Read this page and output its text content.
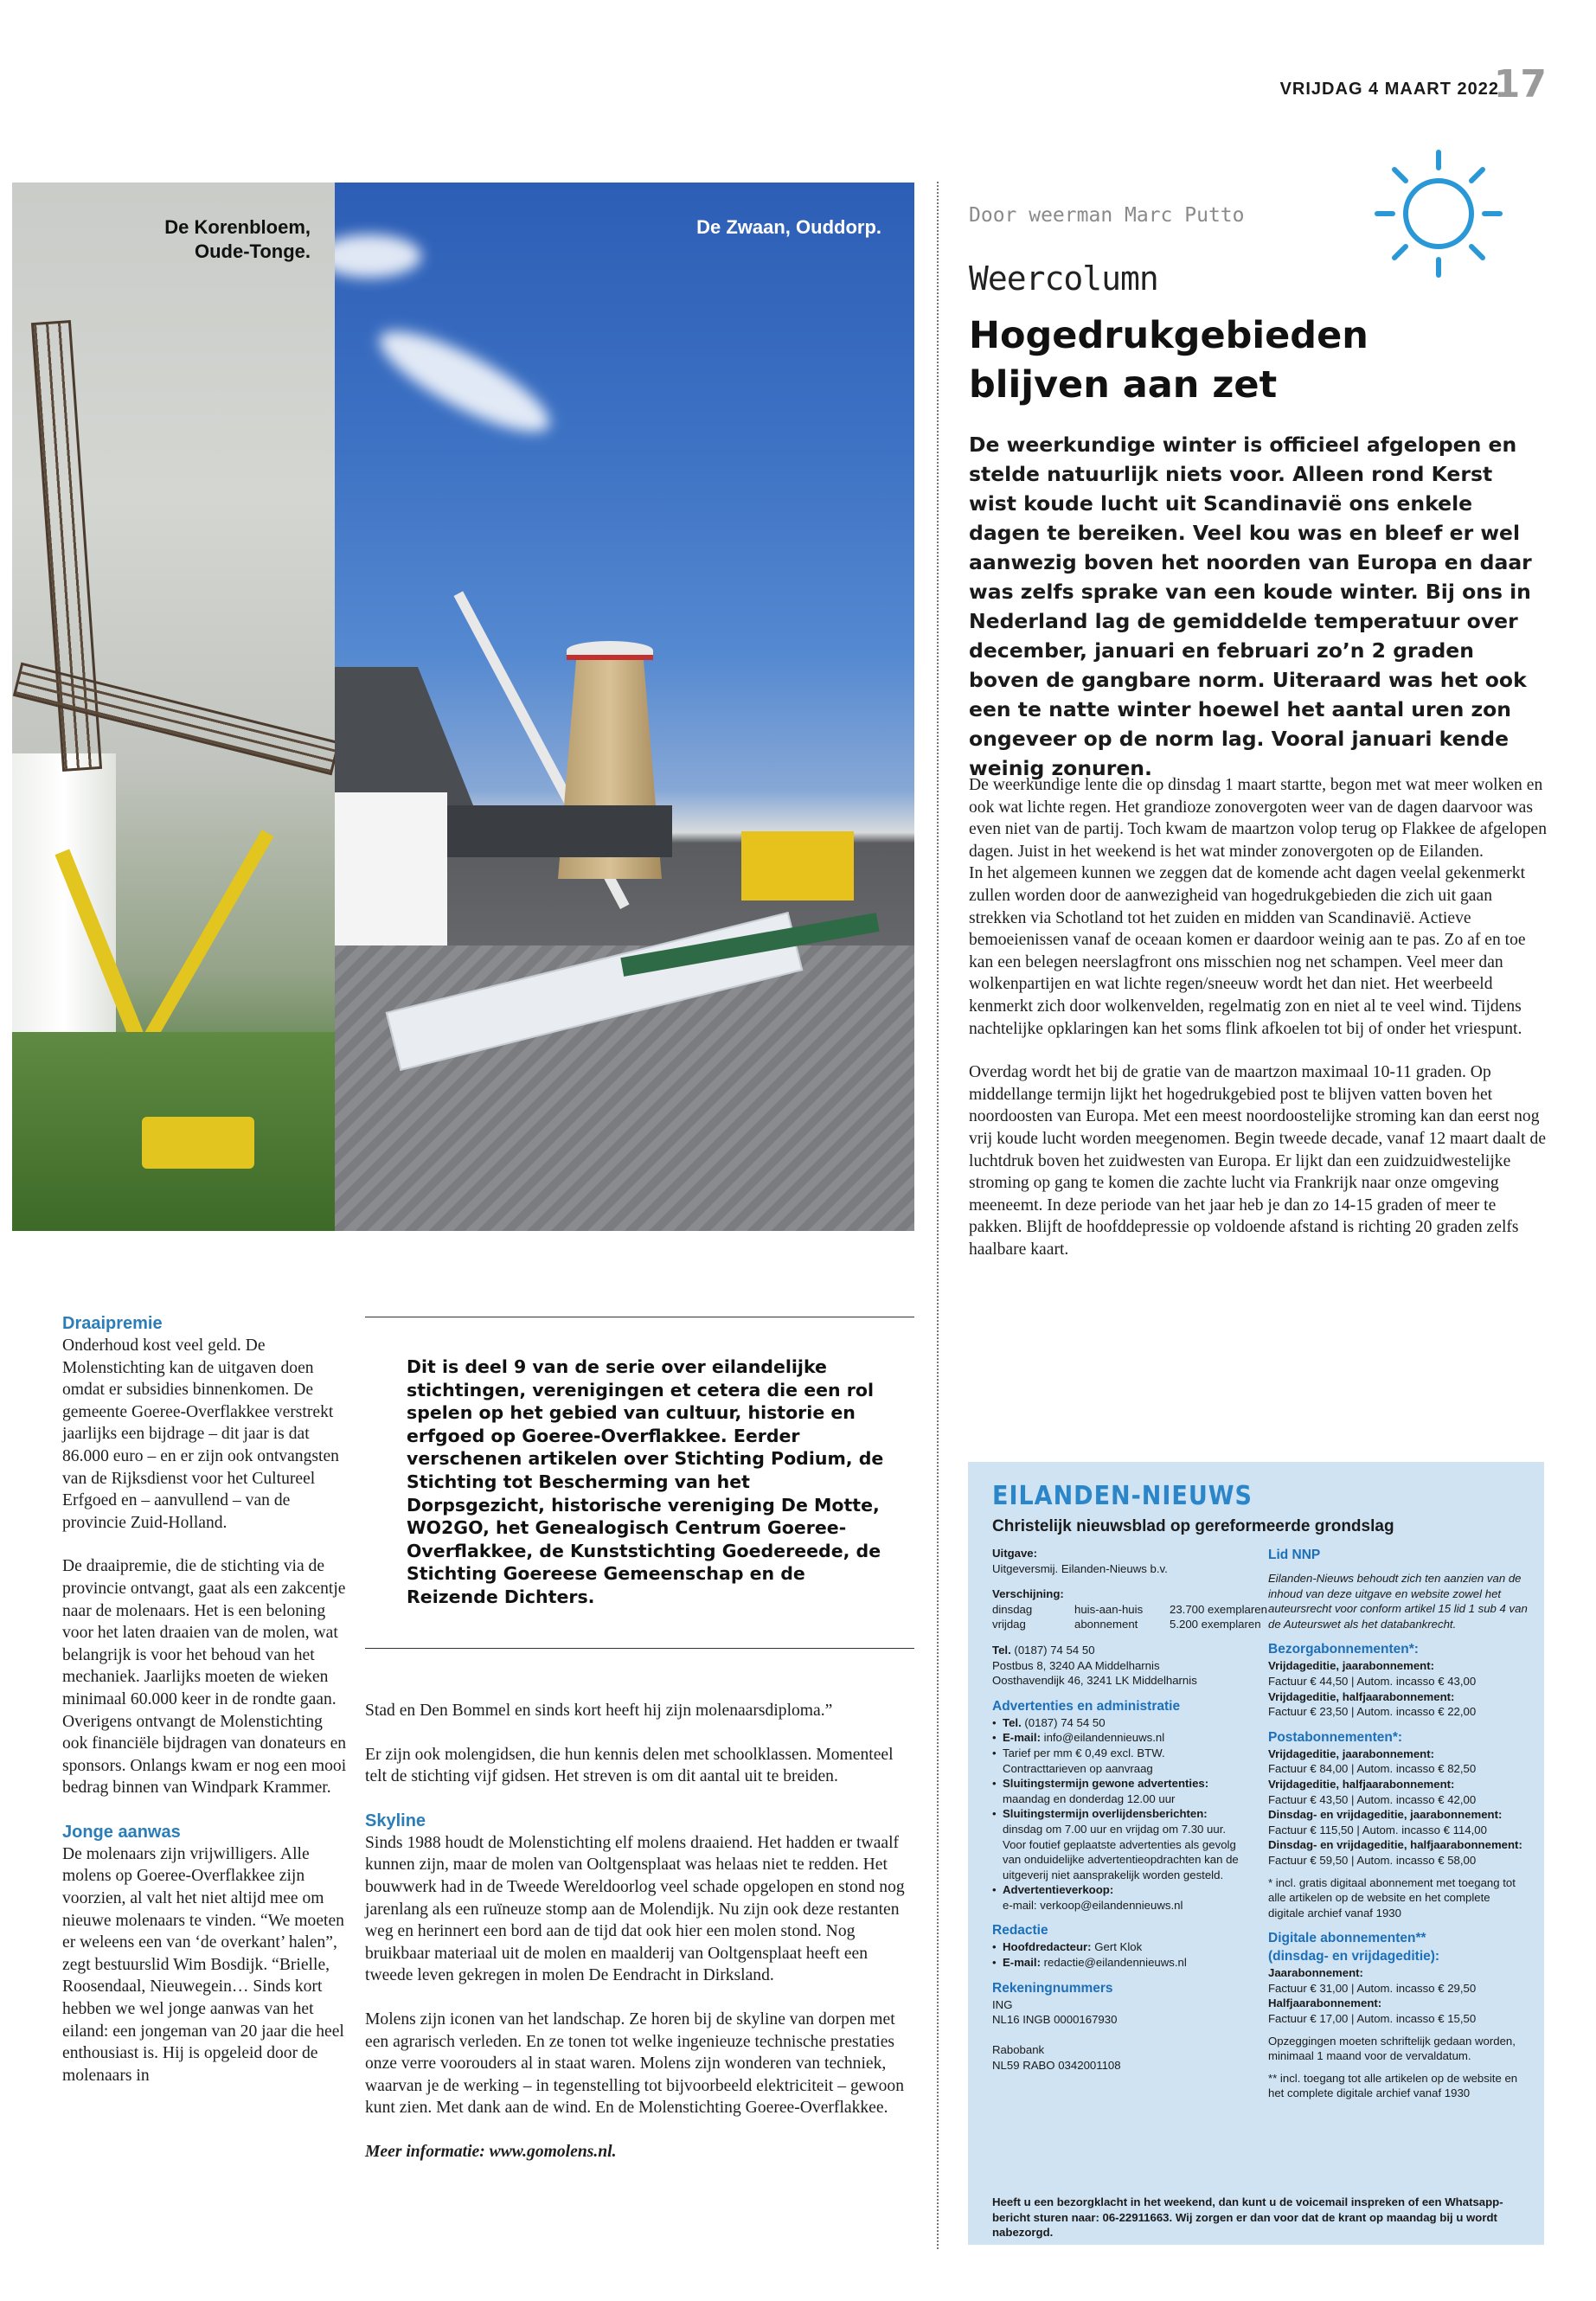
VRIJDAG 4 MAART 2022
17
De Korenbloem,
Oude-Tonge.
De Zwaan, Ouddorp.
Door weerman Marc Putto
Weercolumn
Hogedrukgebieden
blijven aan zet
De weerkundige winter is officieel afgelopen en stelde natuurlijk niets voor. Alleen rond Kerst wist koude lucht uit Scandinavië ons enkele dagen te bereiken. Veel kou was en bleef er wel aanwezig boven het noorden van Europa en daar was zelfs sprake van een koude winter. Bij ons in Nederland lag de gemiddelde temperatuur over december, januari en februari zo’n 2 graden boven de gangbare norm. Uiteraard was het ook een te natte winter hoewel het aantal uren zon ongeveer op de norm lag. Vooral januari kende weinig zonuren.

De weerkundige lente die op dinsdag 1 maart startte, begon met wat meer wolken en ook wat lichte regen. Het grandioze zonovergoten weer van de dagen daarvoor was even niet van de partij. Toch kwam de maartzon volop terug op Flakkee de afgelopen dagen. Juist in het weekend is het wat minder zonovergoten op de Eilanden.

In het algemeen kunnen we zeggen dat de komende acht dagen veelal gekenmerkt zullen worden door de aanwezigheid van hogedrukgebieden die zich uit gaan strekken via Schotland tot het zuiden en midden van Scandinavië. Actieve bemoeienissen vanaf de oceaan komen er daardoor weinig aan te pas. Zo af en toe kan een belegen neerslagfront ons misschien nog net schampen. Veel meer dan wolkenpartijen en wat lichte regen/sneeuw wordt het dan niet. Het weerbeeld kenmerkt zich door wolkenvelden, regelmatig zon en niet al te veel wind. Tijdens nachtelijke opklaringen kan het soms flink afkoelen tot bij of onder het vriespunt.

Overdag wordt het bij de gratie van de maartzon maximaal 10-11 graden. Op middellange termijn lijkt het hogedrukgebied post te blijven vatten boven het noordoosten van Europa. Met een meest noordoostelijke stroming kan dan eerst nog vrij koude lucht worden meegenomen. Begin tweede decade, vanaf 12 maart daalt de luchtdruk boven het zuidwesten van Europa. Er lijkt dan een zuidzuidwestelijke stroming op gang te komen die zachte lucht via Frankrijk naar onze omgeving meeneemt. In deze periode van het jaar heb je dan zo 14-15 graden of meer te pakken. Blijft de hoofddepressie op voldoende afstand is richting 20 graden zelfs haalbare kaart.

Draaipremie

Onderhoud kost veel geld. De Molenstichting kan de uitgaven doen omdat er subsidies binnenkomen. De gemeente Goeree-Overflakkee verstrekt jaarlijks een bijdrage – dit jaar is dat 86.000 euro – en er zijn ook ontvangsten van de Rijksdienst voor het Cultureel Erfgoed en – aanvullend – van de provincie Zuid-Holland.

De draaipremie, die de stichting via de provincie ontvangt, gaat als een zakcentje naar de molenaars. Het is een beloning voor het laten draaien van de molen, wat belangrijk is voor het behoud van het mechaniek. Jaarlijks moeten de wieken minimaal 60.000 keer in de rondte gaan. Overigens ontvangt de Molenstichting ook financiële bijdragen van donateurs en sponsors. Onlangs kwam er nog een mooi bedrag binnen van Windpark Krammer.

Jonge aanwas

De molenaars zijn vrijwilligers. Alle molens op Goeree-Overflakkee zijn voorzien, al valt het niet altijd mee om nieuwe molenaars te vinden. “We moeten er weleens een van ‘de overkant’ halen”, zegt bestuurslid Wim Bosdijk. “Brielle, Roosendaal, Nieuwegein… Sinds kort hebben we wel jonge aanwas van het eiland: een jongeman van 20 jaar die heel enthousiast is. Hij is opgeleid door de molenaars in

Dit is deel 9 van de serie over eilandelijke stichtingen, verenigingen et cetera die een rol spelen op het gebied van cultuur, historie en erfgoed op Goeree-Overflakkee. Eerder verschenen artikelen over Stichting Podium, de Stichting tot Bescherming van het Dorpsgezicht, historische vereniging De Motte, WO2GO, het Genealogisch Centrum Goeree-Overflakkee, de Kunststichting Goedereede, de Stichting Goereese Gemeenschap en de Reizende Dichters.

Stad en Den Bommel en sinds kort heeft hij zijn molenaarsdiploma.”

Er zijn ook molengidsen, die hun kennis delen met schoolklassen. Momenteel telt de stichting vijf gidsen. Het streven is om dit aantal uit te breiden.

Skyline

Sinds 1988 houdt de Molenstichting elf molens draaiend. Het hadden er twaalf kunnen zijn, maar de molen van Ooltgensplaat was helaas niet te redden. Het bouwwerk had in de Tweede Wereldoorlog veel schade opgelopen en stond nog jarenlang als een ruïneuze stomp aan de Molendijk. Nu zijn ook deze restanten weg en herinnert een bord aan de tijd dat ook hier een molen stond. Nog bruikbaar materiaal uit de molen en maalderij van Ooltgensplaat heeft een tweede leven gekregen in molen De Eendracht in Dirksland.

Molens zijn iconen van het landschap. Ze horen bij de skyline van dorpen met een agrarisch verleden. En ze tonen tot welke ingenieuze technische prestaties onze verre voorouders al in staat waren. Molens zijn wonderen van techniek, waarvan je de werking – in tegenstelling tot bijvoorbeeld elektriciteit – gewoon kunt zien. Met dank aan de wind. En de Molenstichting Goeree-Overflakkee.

Meer informatie: www.gomolens.nl.

EILANDEN-NIEUWS
Christelijk nieuwsblad op gereformeerde grondslag
Uitgave:
Uitgeversmij. Eilanden-Nieuws b.v.
Verschijning:
dinsdag	huis-aan-huis	23.700 exemplaren
vrijdag	abonnement	5.200 exemplaren
Tel. (0187) 74 54 50
Postbus 8, 3240 AA Middelharnis
Oosthavendijk 46, 3241 LK Middelharnis
Advertenties en administratie
• Tel. (0187) 74 54 50
• E-mail: info@eilandennieuws.nl
• Tarief per mm € 0,49 excl. BTW.
Contracttarieven op aanvraag
• Sluitingstermijn gewone advertenties:
maandag en donderdag 12.00 uur
• Sluitingstermijn overlijdensberichten:
dinsdag om 7.00 uur en vrijdag om 7.30 uur.
Voor foutief geplaatste advertenties als gevolg
van onduidelijke advertentieopdrachten kan de
uitgeverij niet aansprakelijk worden gesteld.
• Advertentieverkoop:
e-mail: verkoop@eilandennieuws.nl
Redactie
• Hoofdredacteur: Gert Klok
• E-mail: redactie@eilandennieuws.nl
Rekeningnummers
ING
NL16 INGB 0000167930
Rabobank
NL59 RABO 0342001108
Lid NNP
Eilanden-Nieuws behoudt zich ten aanzien van de inhoud van deze uitgave en website zowel het auteursrecht voor conform artikel 15 lid 1 sub 4 van de Auteurswet als het databankrecht.
Bezorgabonnementen*:
Vrijdageditie, jaarabonnement:
Factuur € 44,50 | Autom. incasso € 43,00
Vrijdageditie, halfjaarabonnement:
Factuur € 23,50 | Autom. incasso € 22,00
Postabonnementen*:
Vrijdageditie, jaarabonnement:
Factuur € 84,00 | Autom. incasso € 82,50
Vrijdageditie, halfjaarabonnement:
Factuur € 43,50 | Autom. incasso € 42,00
Dinsdag- en vrijdageditie, jaarabonnement:
Factuur € 115,50 | Autom. incasso € 114,00
Dinsdag- en vrijdageditie, halfjaarabonnement:
Factuur € 59,50 | Autom. incasso € 58,00
* incl. gratis digitaal abonnement met toegang tot alle artikelen op de website en het complete digitale archief vanaf 1930
Digitale abonnementen**
(dinsdag- en vrijdageditie):
Jaarabonnement:
Factuur € 31,00 | Autom. incasso € 29,50
Halfjaarabonnement:
Factuur € 17,00 | Autom. incasso € 15,50
Opzeggingen moeten schriftelijk gedaan worden, minimaal 1 maand voor de vervaldatum.
** incl. toegang tot alle artikelen op de website en het complete digitale archief vanaf 1930
Heeft u een bezorgklacht in het weekend, dan kunt u de voicemail inspreken of een Whatsapp-bericht sturen naar: 06-22911663. Wij zorgen er dan voor dat de krant op maandag bij u wordt nabezorgd.
